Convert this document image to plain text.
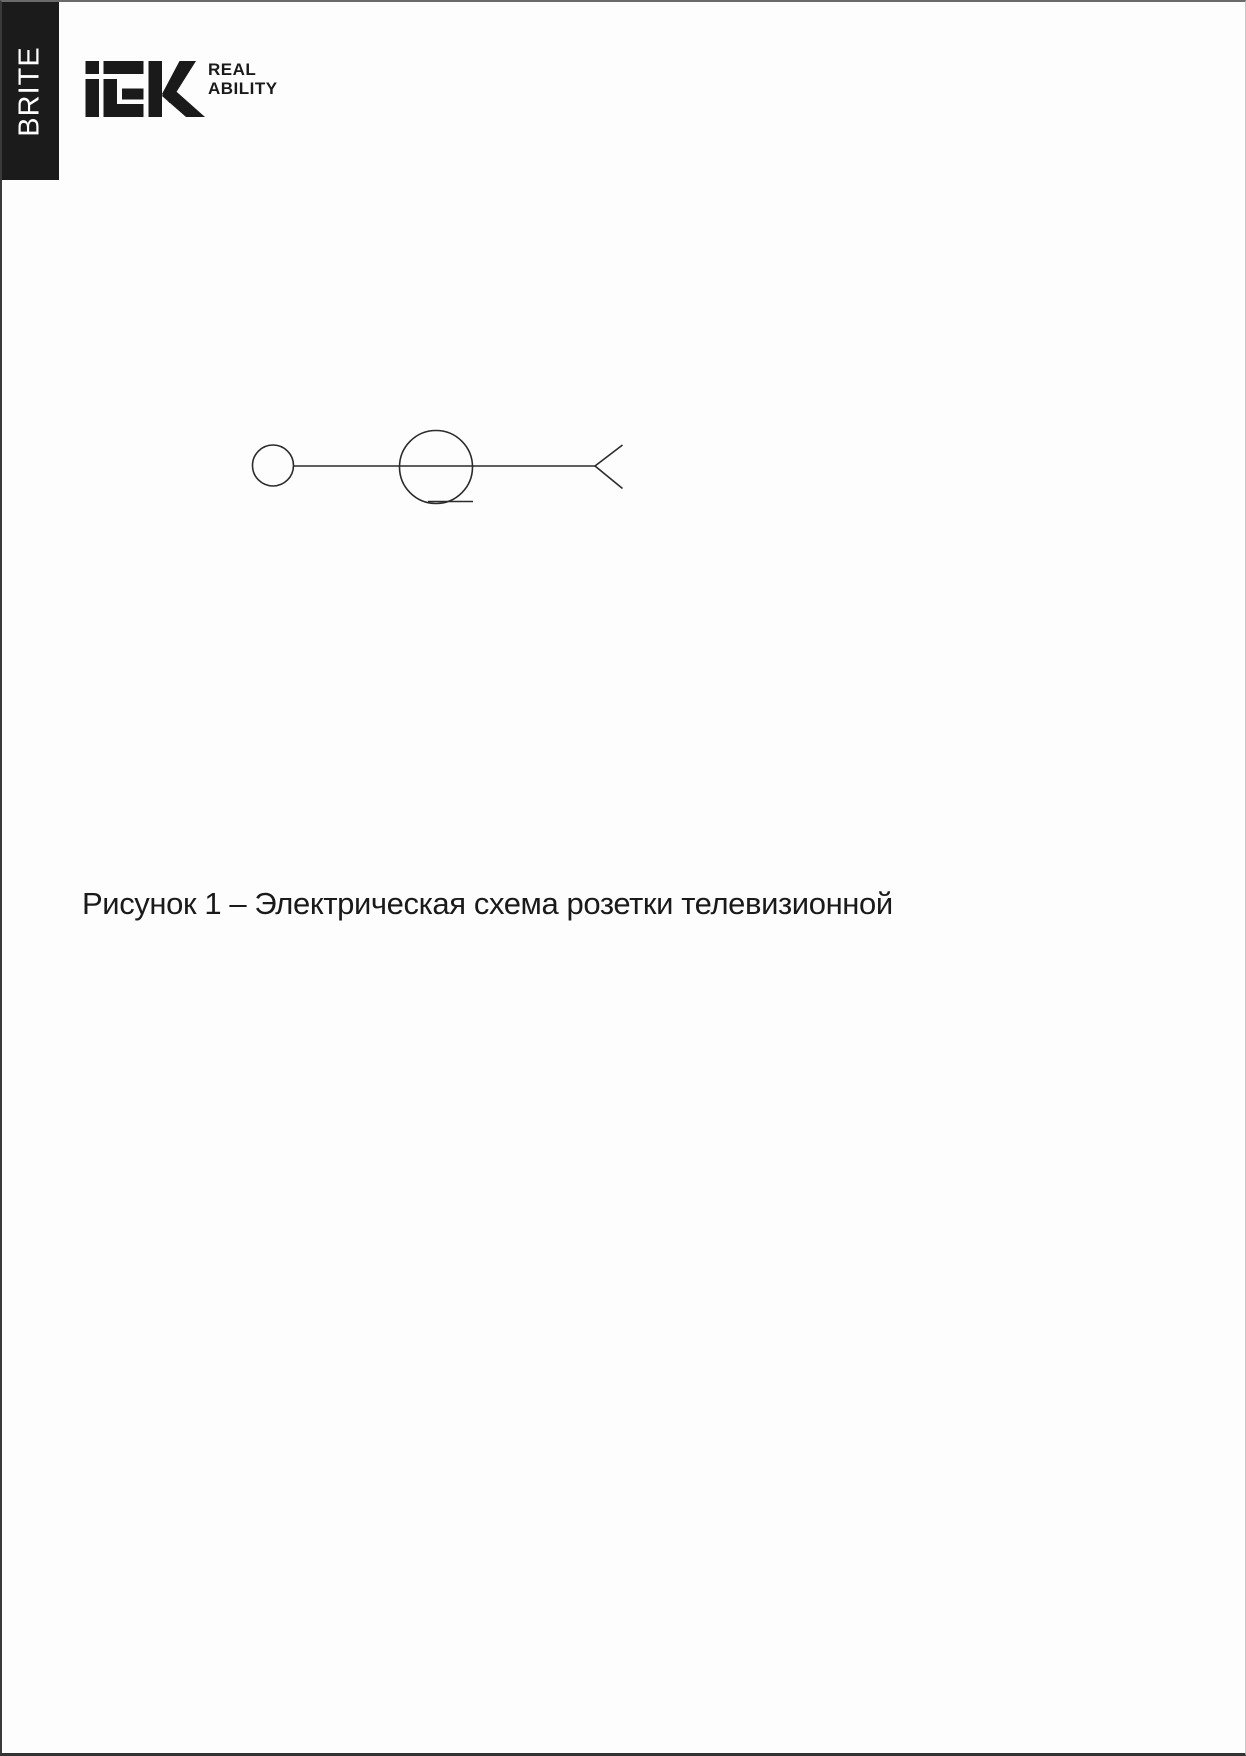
BRITE	REAL
ABILITY

Рисунок 1 – Электрическая схема розетки телевизионной
